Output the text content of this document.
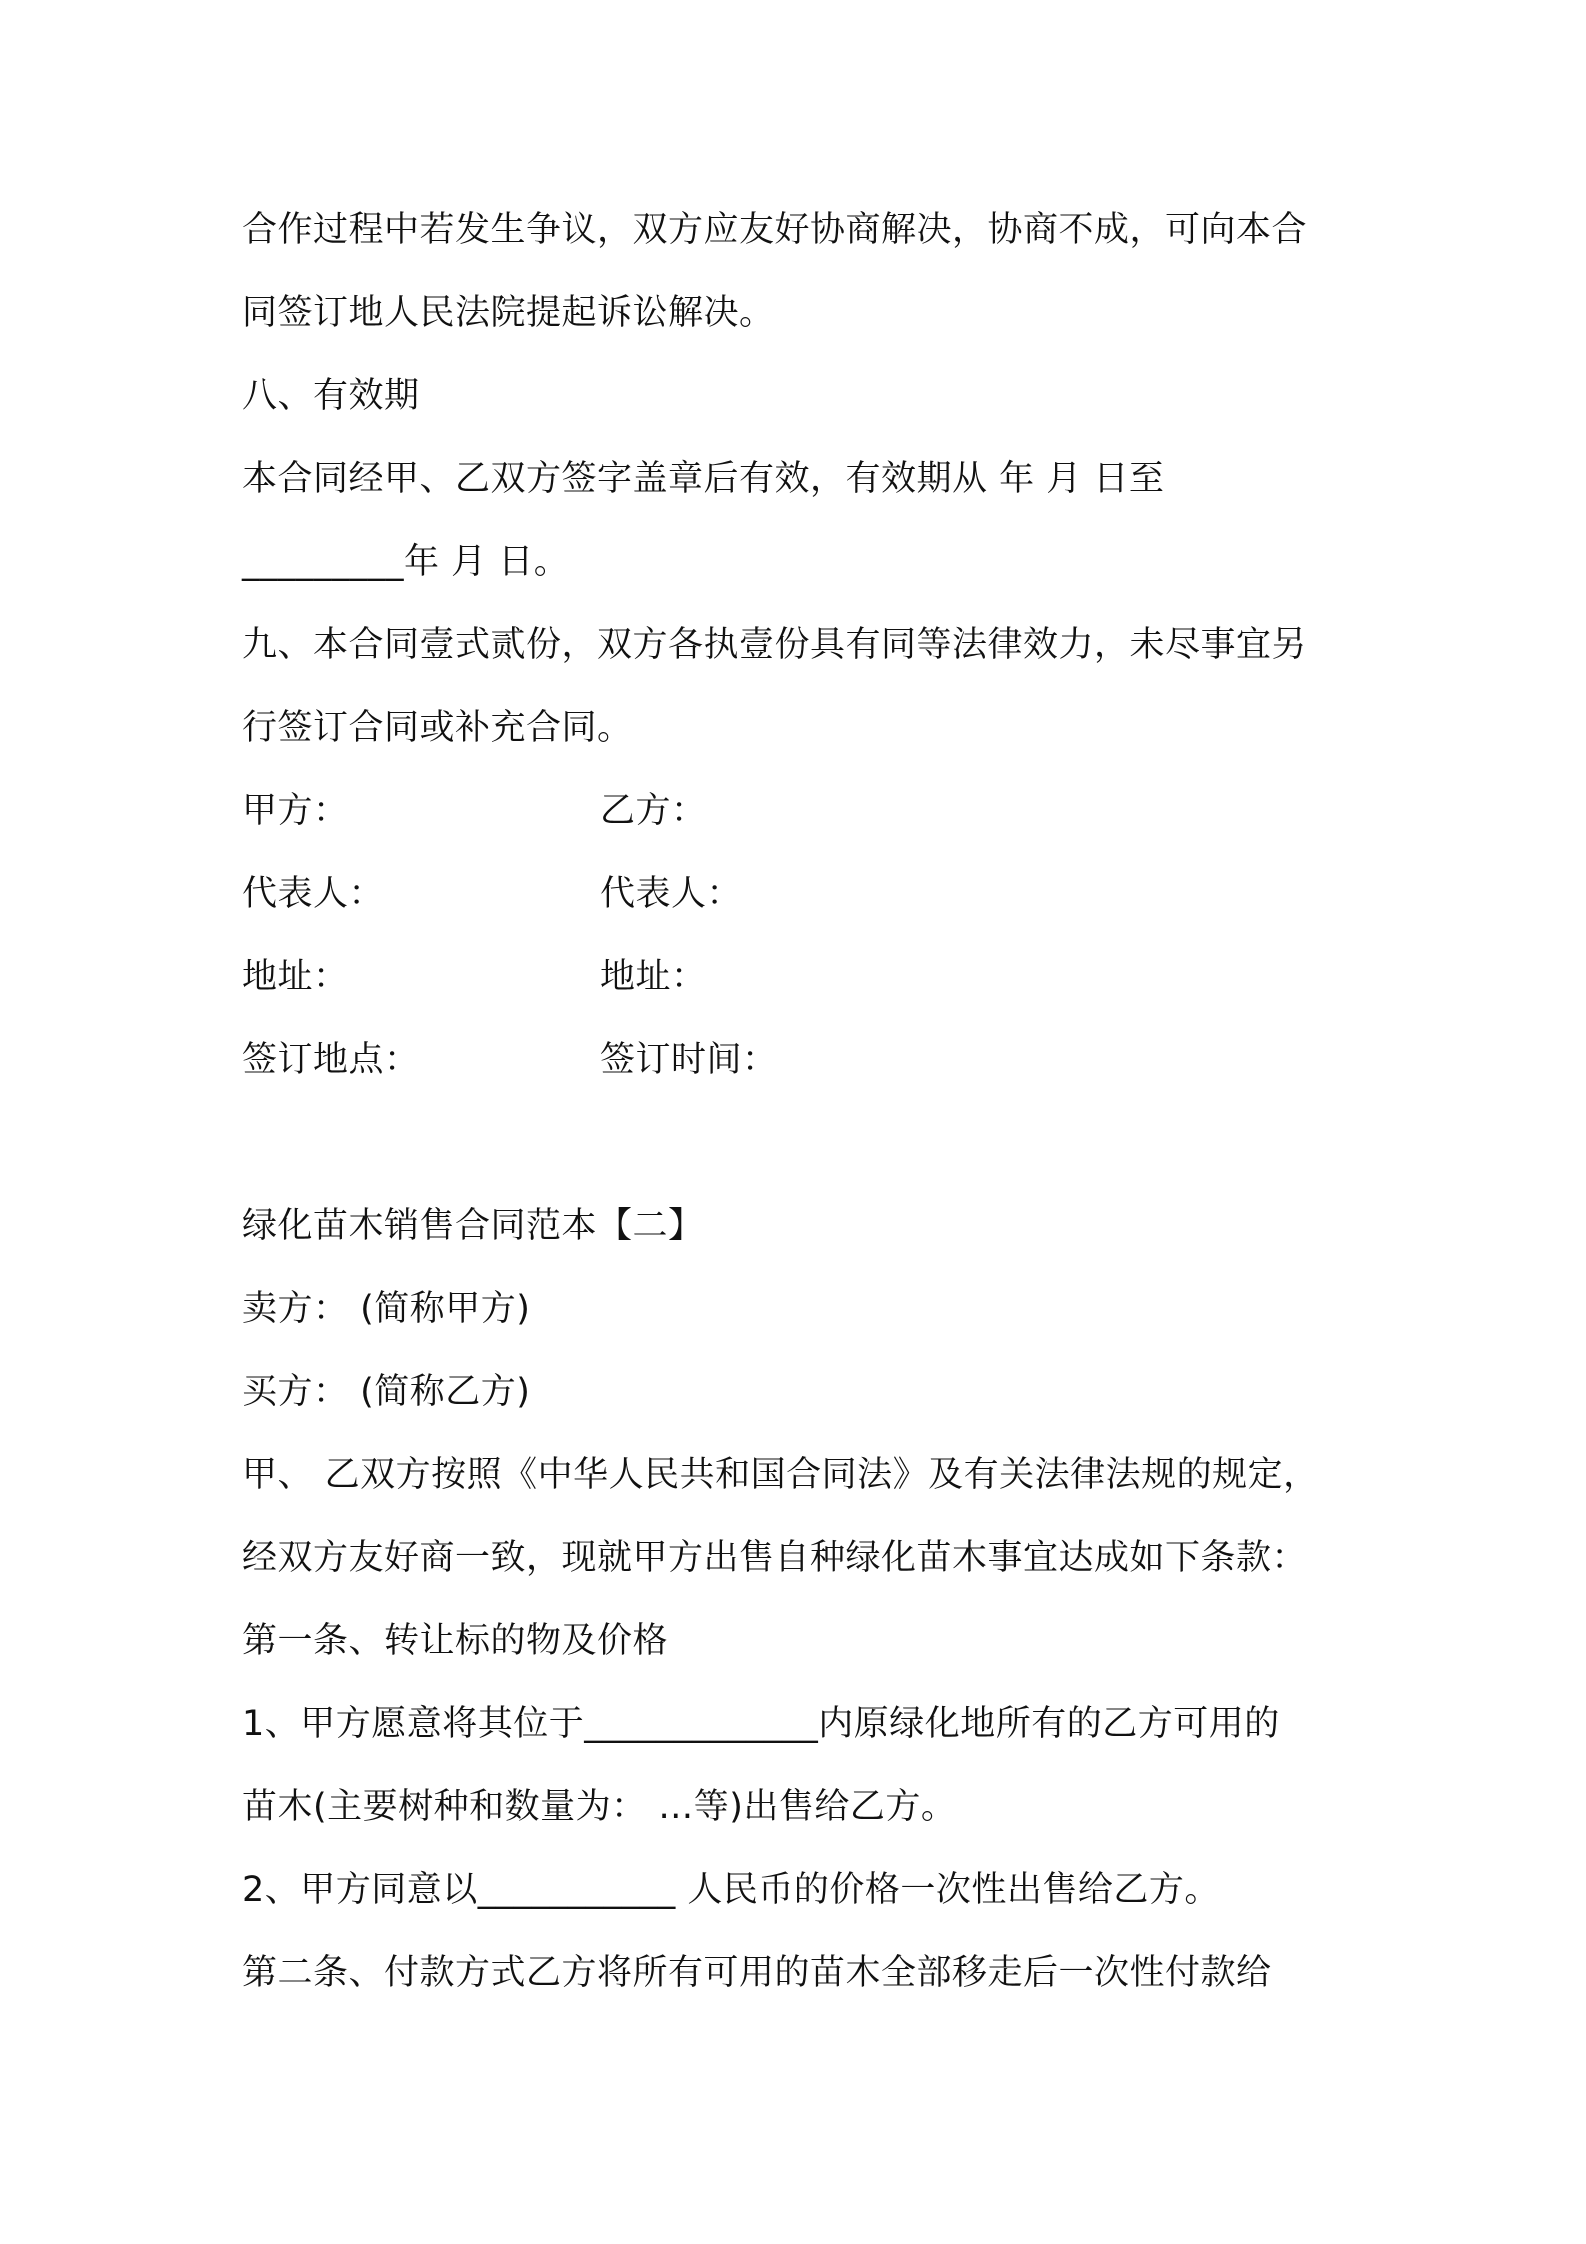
合作过程中若发生争议，双方应友好协商解决，协商不成，可向本合
同签订地人民法院提起诉讼解决。
八、有效期
本合同经甲、乙双方签字盖章后有效，有效期从 年 月 日至
_________年 月 日。
九、本合同壹式贰份，双方各执壹份具有同等法律效力，未尽事宜另
行签订合同或补充合同。
甲方：	乙方：
代表人：	代表人：
地址：	地址：
签订地点：	签订时间：
绿化苗木销售合同范本【二】
卖方： (简称甲方)
买方： (简称乙方)
甲、 乙双方按照《中华人民共和国合同法》及有关法律法规的规定，
经双方友好商一致，现就甲方出售自种绿化苗木事宜达成如下条款：
第一条、转让标的物及价格
1、甲方愿意将其位于_____________内原绿化地所有的乙方可用的
苗木(主要树种和数量为： …等)出售给乙方。
2、甲方同意以___________ 人民币的价格一次性出售给乙方。
第二条、付款方式乙方将所有可用的苗木全部移走后一次性付款给
